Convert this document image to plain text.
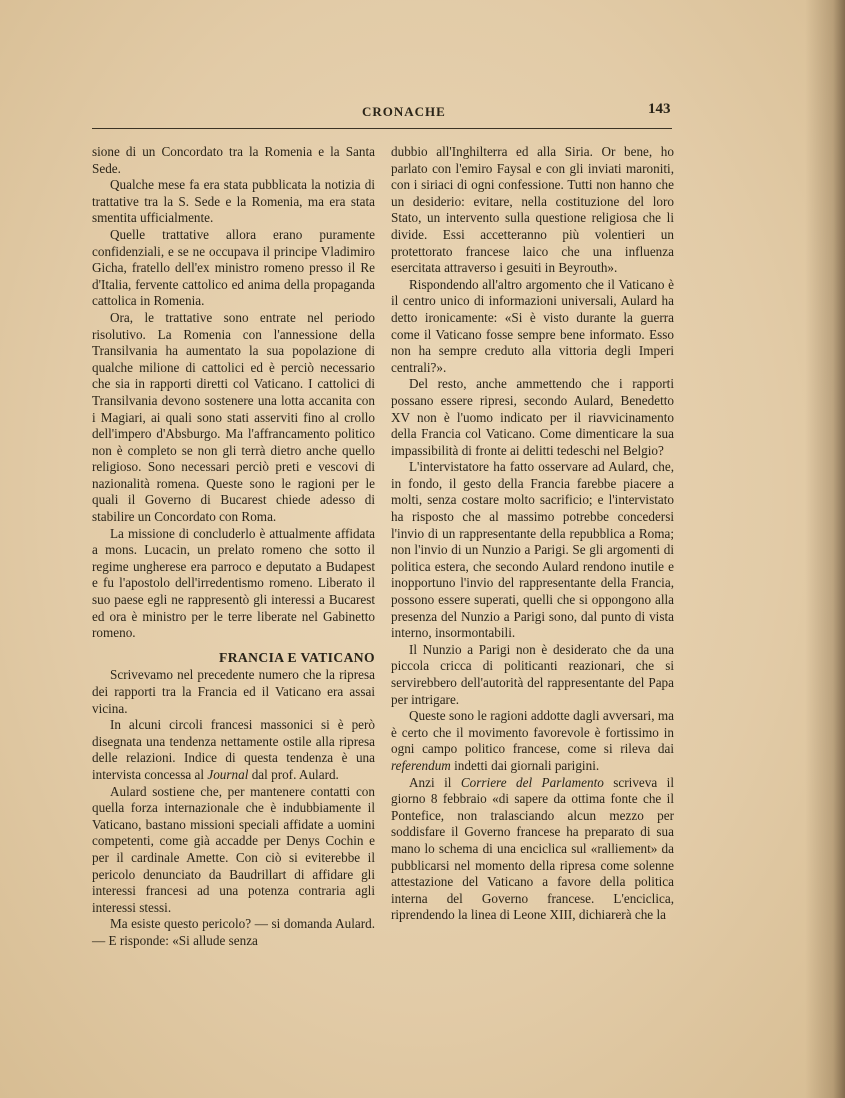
CRONACHE	143

sione di un Concordato tra la Romenia e la Santa Sede.

Qualche mese fa era stata pubblicata la notizia di trattative tra la S. Sede e la Romenia, ma era stata smentita ufficialmente.

Quelle trattative allora erano puramente confidenziali, e se ne occupava il principe Vladimiro Gicha, fratello dell'ex ministro romeno presso il Re d'Italia, fervente cattolico ed anima della propaganda cattolica in Romenia.

Ora, le trattative sono entrate nel periodo risolutivo. La Romenia con l'annessione della Transilvania ha aumentato la sua popolazione di qualche milione di cattolici ed è perciò necessario che sia in rapporti diretti col Vaticano. I cattolici di Transilvania devono sostenere una lotta accanita con i Magiari, ai quali sono stati asserviti fino al crollo dell'impero d'Absburgo. Ma l'affrancamento politico non è completo se non gli terrà dietro anche quello religioso. Sono necessari perciò preti e vescovi di nazionalità romena. Queste sono le ragioni per le quali il Governo di Bucarest chiede adesso di stabilire un Concordato con Roma.

La missione di concluderlo è attualmente affidata a mons. Lucacin, un prelato romeno che sotto il regime ungherese era parroco e deputato a Budapest e fu l'apostolo dell'irredentismo romeno. Liberato il suo paese egli ne rappresentò gli interessi a Bucarest ed ora è ministro per le terre liberate nel Gabinetto romeno.

FRANCIA E VATICANO

Scrivevamo nel precedente numero che la ripresa dei rapporti tra la Francia ed il Vaticano era assai vicina.

In alcuni circoli francesi massonici si è però disegnata una tendenza nettamente ostile alla ripresa delle relazioni. Indice di questa tendenza è una intervista concessa al Journal dal prof. Aulard.

Aulard sostiene che, per mantenere contatti con quella forza internazionale che è indubbiamente il Vaticano, bastano missioni speciali affidate a uomini competenti, come già accadde per Denys Cochin e per il cardinale Amette. Con ciò si eviterebbe il pericolo denunciato da Baudrillart di affidare gli interessi francesi ad una potenza contraria agli interessi stessi.

Ma esiste questo pericolo? — si domanda Aulard. — E risponde: «Si allude senza

dubbio all'Inghilterra ed alla Siria. Or bene, ho parlato con l'emiro Faysal e con gli inviati maroniti, con i siriaci di ogni confessione. Tutti non hanno che un desiderio: evitare, nella costituzione del loro Stato, un intervento sulla questione religiosa che li divide. Essi accetteranno più volentieri un protettorato francese laico che una influenza esercitata attraverso i gesuiti in Beyrouth».

Rispondendo all'altro argomento che il Vaticano è il centro unico di informazioni universali, Aulard ha detto ironicamente: «Si è visto durante la guerra come il Vaticano fosse sempre bene informato. Esso non ha sempre creduto alla vittoria degli Imperi centrali?».

Del resto, anche ammettendo che i rapporti possano essere ripresi, secondo Aulard, Benedetto XV non è l'uomo indicato per il riavvicinamento della Francia col Vaticano. Come dimenticare la sua impassibilità di fronte ai delitti tedeschi nel Belgio?

L'intervistatore ha fatto osservare ad Aulard, che, in fondo, il gesto della Francia farebbe piacere a molti, senza costare molto sacrificio; e l'intervistato ha risposto che al massimo potrebbe concedersi l'invio di un rappresentante della repubblica a Roma; non l'invio di un Nunzio a Parigi. Se gli argomenti di politica estera, che secondo Aulard rendono inutile e inopportuno l'invio del rappresentante della Francia, possono essere superati, quelli che si oppongono alla presenza del Nunzio a Parigi sono, dal punto di vista interno, insormontabili.

Il Nunzio a Parigi non è desiderato che da una piccola cricca di politicanti reazionari, che si servirebbero dell'autorità del rappresentante del Papa per intrigare.

Queste sono le ragioni addotte dagli avversari, ma è certo che il movimento favorevole è fortissimo in ogni campo politico francese, come si rileva dai referendum indetti dai giornali parigini.

Anzi il Corriere del Parlamento scriveva il giorno 8 febbraio «di sapere da ottima fonte che il Pontefice, non tralasciando alcun mezzo per soddisfare il Governo francese ha preparato di sua mano lo schema di una enciclica sul «ralliement» da pubblicarsi nel momento della ripresa come solenne attestazione del Vaticano a favore della politica interna del Governo francese. L'enciclica, riprendendo la linea di Leone XIII, dichiarerà che la
